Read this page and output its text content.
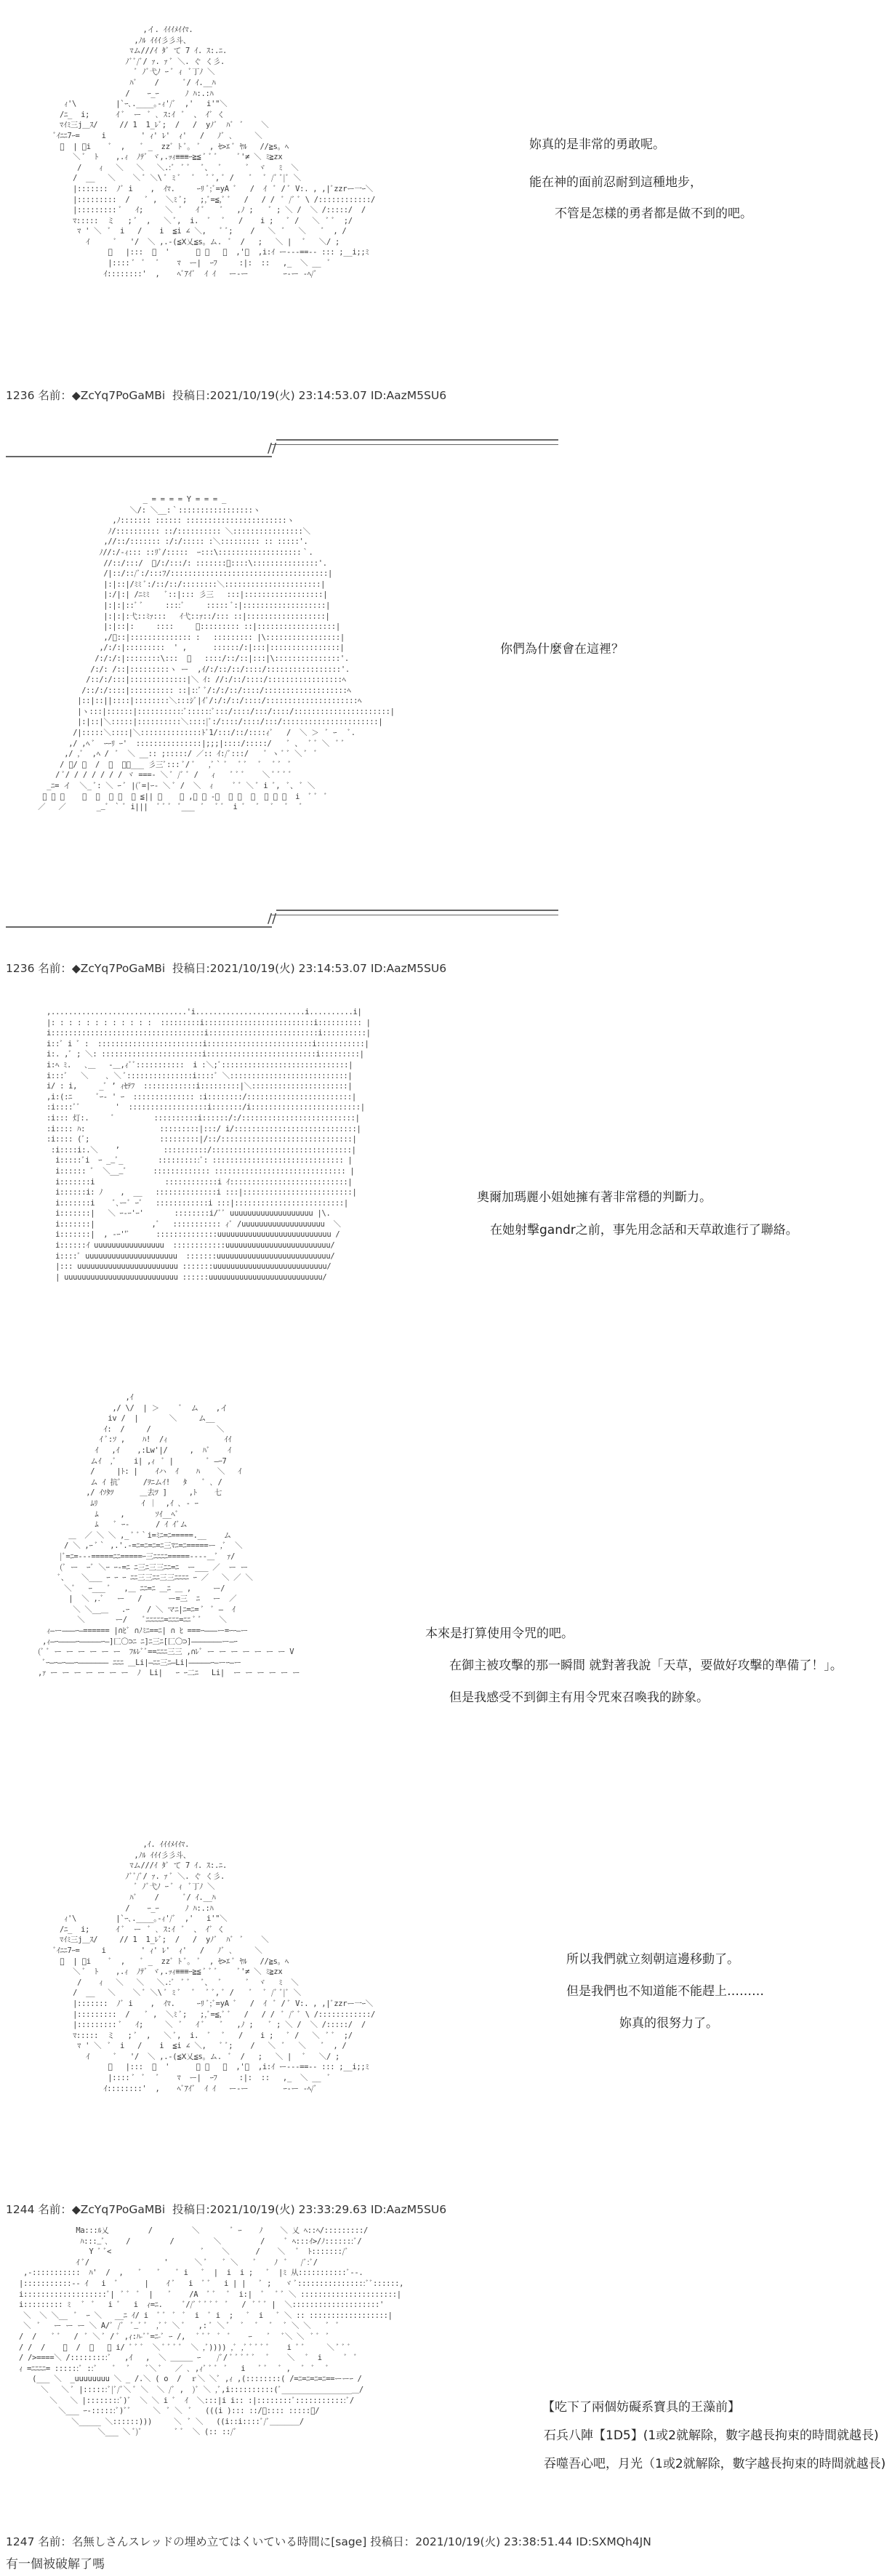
,イ. ｲｲｲﾒｲｲﾏ.
,ﾉﾙ ｲｲｲ彡彡斗、
ﾏム///ｲ ﾀﾞ て 7 ｲ. ｽ:.ﾆ.
ﾉﾞﾞ/ﾞ/ ｧ. ｧ ﾞ ＼. ぐ く彡.
ﾞ ﾉﾞ弋ﾉ ｰ ﾞ ｨ  ﾞ丁ﾉ ＼
ﾊﾞ    /      ﾞ/ ｲ.__ﾊ
/    ｰ_ｰ      ﾉ ﾊ:.:ﾊ
ｨ'\         |`ｰ､.____｡-ｨ'/ﾞ  ,'   i'"＼
/ﾆ_  i;      ｲ ﾞ  ー  ﾞ ､ ｽ:ｲ  ﾞ  、 ｲﾞ く
ﾏｲﾐ三j＿ｽ/     // 1  1_ﾚﾞ;  /   /  yﾉﾞ  ﾊﾞ  ﾞ    ＼
ﾞｲﾆﾆ7ｰ=     i        ' ｨ' ﾚ'  ｨ'   /   ﾉﾞ ､     ＼
ﾞ  | ﾞi    ﾞ  ,    ﾞ _  zzﾞ ﾄ ﾞ｡  ﾞ  , ｾ>ｴ ﾞ ﾔﾙ   //≧s。ﾍ
＼ ﾞ  ﾄ    ,.ｨ  ﾉﾃﾞ ヾ,.ｯｨ≡≡≡ｰ≧≦ ﾞ ﾞ ﾞ     ﾞ'≠ ＼ ﾐ≧zx
/    ｨ   ＼   ＼   ＼.:ﾞ  ﾞ ﾞ   ﾞ、  ﾞ      ﾞ  ヾ   ﾐ  ＼
/  __   ＼    ＼ ﾞ ＼\ ﾞ ﾐ ﾞ   ﾞ   ﾞ ﾞ, ﾞ /    ﾞ   ﾞ /ﾞ ﾞ|ﾞ ＼
|:::::::  ﾉﾞ i    ,  ｲﾏ.     ｰﾘ ﾞ;ﾞ=yA ﾞ   /  ｲ  ﾞ / ﾞ V:. , ,|ﾞzzrー一ｰ＼
|:::::::::  /    ﾞ ,  ＼ﾐ ﾞ;   ;,ﾞ=≦,ﾞ ﾞ   /   / /  ﾞ /ﾞ ﾞ \ /::::::::::::/
|::::::::: ﾞ   ｲ;     ＼  ﾞ   ｲ ﾞ    ﾞ   ,ﾉ ;    ﾞ ; ＼ /  ＼ /:::::/  /
ﾏ:::::  ミ   ; ﾞ  ,   ＼ ﾞ,  i.  ﾞ   ﾞ   /    i ;   ﾞ /   ＼  ﾞ ﾞ  ;/
ﾏ ' ＼  ﾞ  i   /    i  ≦i ∠ ＼,   ﾞ ﾞ;    /   ＼  ﾞ   ＼    ﾞ  , /
ｲ      ﾞ   '/  ＼ ,.-(≦Ⅹ乂≦s。ム.  ﾞ  /   ;   ＼ |   ﾞ   ＼/ ;
ﾞ   |:::  ﾞ  '      ﾞ ﾞ   ﾞ  ,'ﾞ  ,i:ｲ ー---==-- ::: ;__i;;ﾐ
|:::: ﾞ  ﾞ   ﾞ    ﾏ  ー|  ｰﾌ     :|:  ::   ,_  ＼ __  ﾞ
ｲ::::::::'  ,    ﾍﾞｱｲﾞ  ｲ ｲ   ー-ー        ｰ-ー -ﾍ/ﾞ

妳真的是非常的勇敢呢。
能在神的面前忍耐到這種地步，
不管是怎樣的勇者都是做不到的吧。
1236 名前：◆ZcYq7PoGaMBi ￼ 投稿日:2021/10/19(火) 23:14:53.07 ID:AazM5SU6
//
_ = = = = Y = = = _
＼/: ＼__:｀:::::::::::::::::ヽ
,ﾉ::::::: :::::: :::::::::::::::::::::::ヽ
ﾉ/:::::::::: ::/:::::::::: ＼::::::::::::::::＼
,//::/::::::: :/:/::::: :＼::::::::: :: :::::'.
ﾉ//:/-ｨ::: ::ﾘﾞ/:::::  ｰ:::\:::::::::::::::::::｀.
//::/:::/  ﾞ/:/:::/: :::::::＼::::\:::::::::::::::'.
/|::/::/ﾞ:/:::ﾌ/::::::::::::::::::::::::::::::::::::|
|:|::|/ﾐﾐ ﾞ:/::/::/::::::::＼::::::::::::::::::::::|
|:/|:| /ﾆﾐﾐ    ﾞ::|::: 彡三   :::|::::::::::::::::::|
|:|:|::ﾞ ﾞ     ::::ﾞ     ::::: ﾞ:|:::::::::::::::::::|
|:|:|:弋::ﾐｧ:::   ｲ弋::ｧ::/::: ::|::::::::::::::::::|
|:|::|:     ::::     ﾞ::::::::: ::|::::::::::::::::::|
,/ﾞ::|:::::::::::::: :   ::::::::: |\:::::::::::::::::|
,/:/:|:::::::::  ' ,      ::::::/:|:::|::::::::::::::::|
/:/:/:|::::::::\:::  ﾞ   ::::/::/::|:::|\:::::::::::::::'.
/:/: /::|:::::::::ヽ ー  ,ｲ/:/::/::/::::/:::::::::::::::::'.
/::/:/:::|:::::::::::::|＼ ｲ: //:/::/::::/:::::::::::::::::ﾍ
/::/:/::::|:::::::::: ::|::ﾞ ﾞ/:/:/::/::::/:::::::::::::::::::ﾍ
|::|::||::::|::::::::＼:::ｼﾞ|ｲﾞ/:/:/::/::::/:::::::::::::::::::::ﾍ
|ヽ:::|::::::|:::::::::::ﾞ::::::ﾞ:::/::::/:::/::::/::::::::::::::::::::::|
|:|::|＼:::::|::::::::::＼::::|ﾞ:/::::/::::/:::/::::::::::::::::::::::|
/|:::::＼::::|＼::::::::::::::ﾄﾞ1/:::/::/::::ｨﾞ   /  ＼ ＞  ﾞ ｰ   ﾞ.
,/ ,ﾍ ﾞ  ｰｰﾘ ｰ'  :::::::::::::::|;;;|::::/:::::/    ﾞ 、  ﾞ ﾞ ＼  ﾞ ﾞ
,/ ,ﾞ  ,ﾍ /  ﾞ  ＼ __:: ;:::::/ ／:: ｲ:/ﾞ:::/    ﾞ ヽ ﾞ ﾞ ＼ ﾞ  ﾞ
/ ﾞ/ ﾞ  /  ﾞ  ﾞ＼___ 彡三ﾞ::: ﾞ/ ﾞ   ,ﾞ｀ ﾞ   ﾞ ﾞ   ﾞ   ﾞ ﾞ  ﾞ
/ ﾞ/ / / / / / / ヾ ===- ＼ ﾞ /ﾞ ﾞ /   ｨ    ﾞ ﾞ ﾞ    ＼ ﾞ ﾞ ﾞ ﾞ
_ﾆ= イ  ＼_ ﾞ: ＼ ｰ ﾞ |(ﾞ=|ｰ- ＼ ﾞ /  ＼  ｨ     ﾞ ﾞ ＼ ﾞ i ﾞ,  ﾞ、 ﾞ ＼
ﾞ ｰ ﾞ    ﾞ  ﾞ  ﾞ ﾞ  ﾞ ≦|| ﾞ    ＼ ,ﾞ ﾞ -＜  ﾞ ﾞ  ﾞ  ﾞ ﾞ ﾞ  i  ﾞ ﾞ  ﾞ
／   ／       __ﾞ ｀ ﾞ i|||  ﾞ ﾞ ﾞ  ﾞ___  ﾞ   ﾞ ﾞ  i ﾞ   ﾞ   ﾞ   ﾞ   ﾞ

你們為什麼會在這裡？
//
1236 名前：◆ZcYq7PoGaMBi ￼ 投稿日:2021/10/19(火) 23:14:53.07 ID:AazM5SU6
,...............................'i.........................i..........i|
|: : : : : : : : : : : :  :::::::::i:::::::::::::::::::::::::i:::::::::: |
i:::::::::::::::::::::::::::::::::::i:::::::::::::::::::::::::i::::::::::|
i::ﾞ i ﾞ :  ::::::::::::::::::::::::i::::::::::::::::::::::::i:::::::::::|
i:. ,ﾞ ; ＼: :::::::::::::::::::::::i:::::::::::::::::::::::::i:::::::::|
i:ﾍ ﾐ.   ､＿   ‐＿,ｨﾞﾞ:::::::::::  i :＼;ﾞ:::::::::::::::::::::::::::::|
i:::ﾞ   ＼    ､ ＼ ﾞ:::::::::::::::i::::ﾞ ＼:::::::::::::::::::::::::::|
i/ : i,     _ﾞ ’ ｨｾﾃﾌ  ::::::::::::i:::::::::|＼::::::::::::::::::::::|
,i:(:ﾆ      ﾞｰ- ' ｰ  :::::::::::::: :i::::::::/::::::::::::::::::::::::|
:i::::ﾞﾞ        '  ::::::::::::::::::i:::::::/i:::::::::::::::::::::::::|
:i::: 灯:.     ﾞ         ::::::::::i::::::/:/::::::::::::::::::::::::::|
:i:::: ﾊ:                 :::::::::|:::/ i/::::::::::::::::::::::::::::|
:i:::: (ﾞ;                :::::::::|/::/::::::::::::::::::::::::::::::|
:i::::i:.＼    ’          ::::::::::/::::::::::::::::::::::::::::::::|
i:::::ﾞi  ｰ __ﾞ_        ::::::::::ﾞ: :::::::::::::::::::::::::::::: |
i:::::: ﾞ  ＼___ﾞ      ::::::::::::: :::::::::::::::::::::::::::::: |
i:::::::i                ::::::::::::i ｲ:::::::::::::::::::::::::::|
i::::::i: ﾉ    ,  __   ::::::::::::::i :::|:::::::::::::::::::::::::|
i:::::::i    ﾞ､ーﾞ ｰﾞ   ::::::::::::i :::|:::::::::::::::::::::::::|
i:::::::|   ＼ ｰ-ｰ'ｰ'       ::::::::i/ﾞﾞ uuuuuuuuuuuuuuuuuuu |\.
i:::::::|             ,ﾞ   ::::::::::: ｨﾞ /uuuuuuuuuuuuuuuuuuu  ＼
i:::::::|  , -ｰ''ﾞ      ::::::::::::::uuuuuuuuuuuuuuuuuuuuuuuuuu /
i::::::ｲ uuuuuuuuuuuuuuuu  ::::::::::::uuuuuuuuuuuuuuuuuuuuuuuu/
i::::ﾞ uuuuuuuuuuuuuuuuuuuuu  :::::::uuuuuuuuuuuuuuuuuuuuuuuuuu/
|::: uuuuuuuuuuuuuuuuuuuuuuu :::::::uuuuuuuuuuuuuuuuuuuuuuuuuu/
| uuuuuuuuuuuuuuuuuuuuuuuuuu ::::::uuuuuuuuuuuuuuuuuuuuuuuuuu/

奧爾加瑪麗小姐她擁有著非常穩的判斷力。
在她射擊gandr之前，事先用念話和天草敢進行了聯絡。
,ｲ
,/ \/  | ＞     ﾞ  ム    ,イ
iv /  |       ＼     ム__
ｲ:  /     /               ＼
ｲ ﾞ:ｿ ,    ﾊ!  /ｨ             ｲｲ
ｲ   ,ｲ    ,:Lw'|/     ,  ﾊﾞ    ｲ
ムｲ  ,ﾞ    i| ,ｨ  ﾞ |        ﾞ ―ｰ7
/     |ﾄ: |    ｲハ  ｲ    ﾊ    ＼   ｲ
ム ｲ 抗ﾞ     /ｦﾆムｲ!   ﾀ    ﾞ ､ /
,/ ｲｿﾀﾂ      ＿去ﾂ ]     ,ﾄ    七
ﾑﾘ          ｲ ｜  ,ｲ ､ - ｰ
ﾑ     ,       ｿｲ__ﾍﾞ
ﾑ    ﾞ ｰ-      / ｲ ｲﾞム
＿  ／ ＼ ＼ ,_ ﾞ ﾞ｀i=ﾐﾆ=ﾆ=====.__    ム
/ ＼ ,ｰ ﾞ｀ ,.'.-=ﾆ=ﾆ=ﾆ=ﾆ三ﾏﾆ=ﾆ=====ー ,ﾞ  ＼
|ﾞ=ﾆ=---=====ﾆﾆ=====ｰ三ﾆﾆﾆﾆ=====----＿ﾞ  ｧ/
(ﾞ ー  ｰﾞ ＼ｰ ｰ-=ﾆ ﾆ三ﾆ三三ﾆﾆ=ﾆ  ー___ ／  ー ー
ﾞ、   ＼___ ｰ ｰ ｰ ﾆﾆ三三ﾆﾆ三三ﾆﾆﾆﾆ ｰ ／   ＼ ／ ＼
＼ﾞ   ｰ___ ﾞ   ,＿ ﾆﾆ=ﾆ ＿ﾆ ＿ ,     ー/
|  ＼ ,.ﾞ   ー   /      ー=三  ﾆ   ー  ／
＼ ＼__＿   .ｰ    / ＼ マﾆ|ﾆ=ﾆ= ﾞ  ﾞ ―  ｲ
＼       ー/    ﾞﾆﾆﾆﾆﾆ=ﾆﾆﾆ=ﾆﾆ ﾞ ﾞ    ＼
ｨ―ー―――ｰ―====== |∩ﾋﾞ ∩ﾉﾐﾆ==ﾆ| ∩ ﾋ ===ｰ―――ー=ｰｰ―ー
,ｨ―ｰ――――ｰ―――――ｰ―]匚〇⊃ﾆ ﾆ]ﾆ三ﾆ[匚〇⊃]―――――――ー―ｰ
(ﾞ ﾞ ー ー ー ー ー ー  ﾌﾙﾚﾞﾞ==ﾆﾆﾆ三三 ,∩ﾚﾞ ー ー ー ー ー ー ー V
ﾞｰ―ｰ―ｰ――ｰ――――――― ﾆﾆﾆ ＿Li|―ﾆﾆ三ﾆ―Li|―――――ｰ―ーｰ―ー
,ｧ ー ー ー ー ー ー ー  ﾉ  Li|   ｰ ｰ二ﾆ   Li|  ー ー ー ー ー ー

本來是打算使用令咒的吧。
在御主被攻擊的那一瞬間 就對著我說「天草，要做好攻擊的準備了！」。
但是我感受不到御主有用令咒來召喚我的跡象。
,ｲ. ｲｲｲﾒｲｲﾏ.
,ﾉﾙ ｲｲｲ彡彡斗、
ﾏム///ｲ ﾀﾞ て 7 ｲ. ｽ:.ﾆ.
ﾉﾞﾞ/ﾞ/ ｧ. ｧ ﾞ ＼. ぐ く彡.
ﾞ ﾉﾞ弋ﾉ ｰ ﾞ ｨ  ﾞ丁ﾉ ＼
ﾊﾞ    /      ﾞ/ ｲ.__ﾊ
/    ｰ_ｰ      ﾉ ﾊ:.:ﾊ
ｨ'\         |`ｰ､.____｡-ｨ'/ﾞ  ,'   i'"＼
/ﾆ_  i;      ｲ ﾞ  ー  ﾞ ､ ｽ:ｲ  ﾞ  、 ｲﾞ く
ﾏｲﾐ三j＿ｽ/     // 1  1_ﾚﾞ;  /   /  yﾉﾞ  ﾊﾞ  ﾞ    ＼
ﾞｲﾆﾆ7ｰ=     i        ' ｨ' ﾚ'  ｨ'   /   ﾉﾞ ､     ＼
ﾞ  | ﾞi    ﾞ  ,    ﾞ _  zzﾞ ﾄ ﾞ｡  ﾞ  , ｾ>ｴ ﾞ ﾔﾙ   //≧s。ﾍ
＼ ﾞ  ﾄ    ,.ｨ  ﾉﾃﾞ ヾ,.ｯｨ≡≡≡ｰ≧≦ ﾞ ﾞ ﾞ     ﾞ'≠ ＼ ﾐ≧zx
/    ｨ   ＼   ＼   ＼.:ﾞ  ﾞ ﾞ   ﾞ、  ﾞ      ﾞ  ヾ   ﾐ  ＼
/  __   ＼    ＼ ﾞ ＼\ ﾞ ﾐ ﾞ   ﾞ   ﾞ ﾞ, ﾞ /    ﾞ   ﾞ /ﾞ ﾞ|ﾞ ＼
|:::::::  ﾉﾞ i    ,  ｲﾏ.     ｰﾘ ﾞ;ﾞ=yA ﾞ   /  ｲ  ﾞ / ﾞ V:. , ,|ﾞzzrー一ｰ＼
|:::::::::  /    ﾞ ,  ＼ﾐ ﾞ;   ;,ﾞ=≦,ﾞ ﾞ   /   / /  ﾞ /ﾞ ﾞ \ /::::::::::::/
|::::::::: ﾞ   ｲ;     ＼  ﾞ   ｲ ﾞ    ﾞ   ,ﾉ ;    ﾞ ; ＼ /  ＼ /:::::/  /
ﾏ:::::  ミ   ; ﾞ  ,   ＼ ﾞ,  i.  ﾞ   ﾞ   /    i ;   ﾞ /   ＼  ﾞ ﾞ  ;/
ﾏ ' ＼  ﾞ  i   /    i  ≦i ∠ ＼,   ﾞ ﾞ;    /   ＼  ﾞ   ＼    ﾞ  , /
ｲ      ﾞ   '/  ＼ ,.-(≦Ⅹ乂≦s。ム.  ﾞ  /   ;   ＼ |   ﾞ   ＼/ ;
ﾞ   |:::  ﾞ  '      ﾞ ﾞ   ﾞ  ,'ﾞ  ,i:ｲ ー---==-- ::: ;__i;;ﾐ
|:::: ﾞ  ﾞ   ﾞ    ﾏ  ー|  ｰﾌ     :|:  ::   ,_  ＼ __  ﾞ
ｲ::::::::'  ,    ﾍﾞｱｲﾞ  ｲ ｲ   ー-ー        ｰ-ー -ﾍ/ﾞ

所以我們就立刻朝這邊移動了。
但是我們也不知道能不能趕上………
妳真的很努力了。
1244 名前：◆ZcYq7PoGaMBi ￼ 投稿日:2021/10/19(火) 23:33:29.63 ID:AazM5SU6
Ma:::ﾙ乂         /         ＼       ﾞ ｰ    ﾉ    ＼ 乂 ﾍ::ﾍ/:::::::::/
ﾊ:::_ﾞ､    /         /         ＼         /     ﾞ ﾍ:::ｲ>/ﾉ:::::::ﾞ/
Y ﾞ ﾞ<                     ﾞ    ＼      /    ＼   ﾞ  ﾄ:::::::/ﾞ
ｲ ﾞ/                 '      ＼ ﾞ    ﾞ ＼    ﾞ    ﾉ  ﾞ   /ﾞ:ﾞ/
,-:::::::::::  ﾊ'  /  ,    ﾞ    ﾞ    ﾞ i   ﾞ  |  i  i ;   ﾞ  |ﾐ 从:::::::::::ﾞ--.
|:::::::::::-- ｲ   i  ﾞ      |    ｲ ﾞ   i  ﾞ ﾞ   i | |   ﾞ ;   ヾ ﾞ::::::::::::::::ﾞﾞ::::::,
i:::::::::::::::::::ﾞ|  ﾞ ﾞ  ﾞ  |    ﾞ    /A  ﾞ ﾞ   ﾞ  i:|  ﾞ   ﾞ ﾞ ＼ ::::::::::::::::::::::|
i::::::::: ﾐ   ﾞ  ﾞ   i ﾞ   i  ｨ=ﾆ.     ﾞ//ﾞ ﾞ ﾞ ﾞ ﾞ  ﾞ   /  ﾞ ﾞ ﾞ |  ＼::::::::::::::::::::'
＼  ＼ ＼__  ﾞ  ｰ ＼   __ﾆ ｲ/ i  ﾞ ﾞ  ﾞ  ﾞ  i  ﾞ i  ;   ﾞ  i   ﾞ ＼ :: ::::::::::::::::::|
＼  ﾞ   ー ー ー ＼ A/ﾞ /ﾞ  ﾞ_ﾞ ﾞ  ,ﾞ ﾞ ＼ ﾞ   ,: ﾞ ＼ ﾞ   ﾞ   ﾞ   ﾞ   ﾞ ＼ ＼    ﾞ  ﾞ
/  /    ﾞ ﾞ   /  ﾞ ＼ ﾞ / ﾞ ,ｨ:ﾊ-ﾞﾞ=ﾆ-ﾞ ｰ /,   ﾞ ﾞ ﾞ  ﾞ  ﾞ    ｰ    ﾞ   ﾞ＼ ＼  ﾞ ﾞ  ﾞ
/ /  /    ﾞ  /  ﾞ   ﾞ i/ ﾞ ﾞ ﾞ  ＼ ﾞ ﾞ ﾞ ﾞ  ＼ ,ﾞ)))) ,ﾞ ,ﾞ ﾞ ﾞ ﾞ ﾞ    i ﾞ ﾞ     ＼ ﾞ ﾞ ﾞ
/ />====＼ /:::::::::ﾞ   ,ｲ   ,  ＼ ＿＿＿ ｰ 　 /ﾞ/ ﾞ ﾞ ﾞ ﾞ ﾞ   ﾞ    ＼   ﾞ  i     ﾞ  ﾞ
ｨ =ﾆﾆﾆﾆ= ::::::ﾞ ::ﾞ    ﾞ   ﾞ    ﾞ＼ ﾞ   ／ ､ ,ｨﾞ ﾞ ﾞ  ﾞ   i   ﾞ ﾞ   ﾞ ,   ﾞ  ﾞ   ﾞ
(___ ＼  _uuuuuuuu ＼ _ /.＼ ( o  /  ｒ＼ ＼ﾞ ,ｨ ,(::::::::( /=ﾆ=ﾆ=ﾆ=ﾆ==ーーｰ /
＼   ＼ ﾞ |::::::ﾞ|ﾞ/ﾞ＼ ﾞ ＼  ＼ /ﾞ ,  )ﾞ ＼ ,ﾞ,i::::::::::(ﾞ________________＿/
＼   ＼ |::::::::ﾞ)ﾞ  ＼ ＼ i ﾞ  ｲ  ＼:::|i i:: :|::::::::ﾞ::::::::::::ﾞ/
＼___ ｰ-::::::ﾞ)ﾞﾞ     ＼  ﾞ ＼  ﾞ   (((i )::: ::/ﾞ:::: :::::ﾞ/
＼_____ ＼::::::)))     ＼  ﾞ ＼   ((i::i::::ﾞ/ﾞ＿＿＿＿/
＼___ ＼ ﾞ)ﾞ        ﾞ ﾞ  ＼ (:: ::/ﾞ

【吃下了兩個妨礙系寶具的王藻前】
石兵八陣【1D5】(1或2就解除，數字越長拘束的時間就越長)
吞噬吾心吧，月光（1或2就解除，數字越長拘束的時間就越長)
1247 名前：名無しさんスレッドの埋め立てはくいている時間に[sage] 投稿日：2021/10/19(火) 23:38:51.44 ID:SXMQh4JN
有一個被破解了嗎
